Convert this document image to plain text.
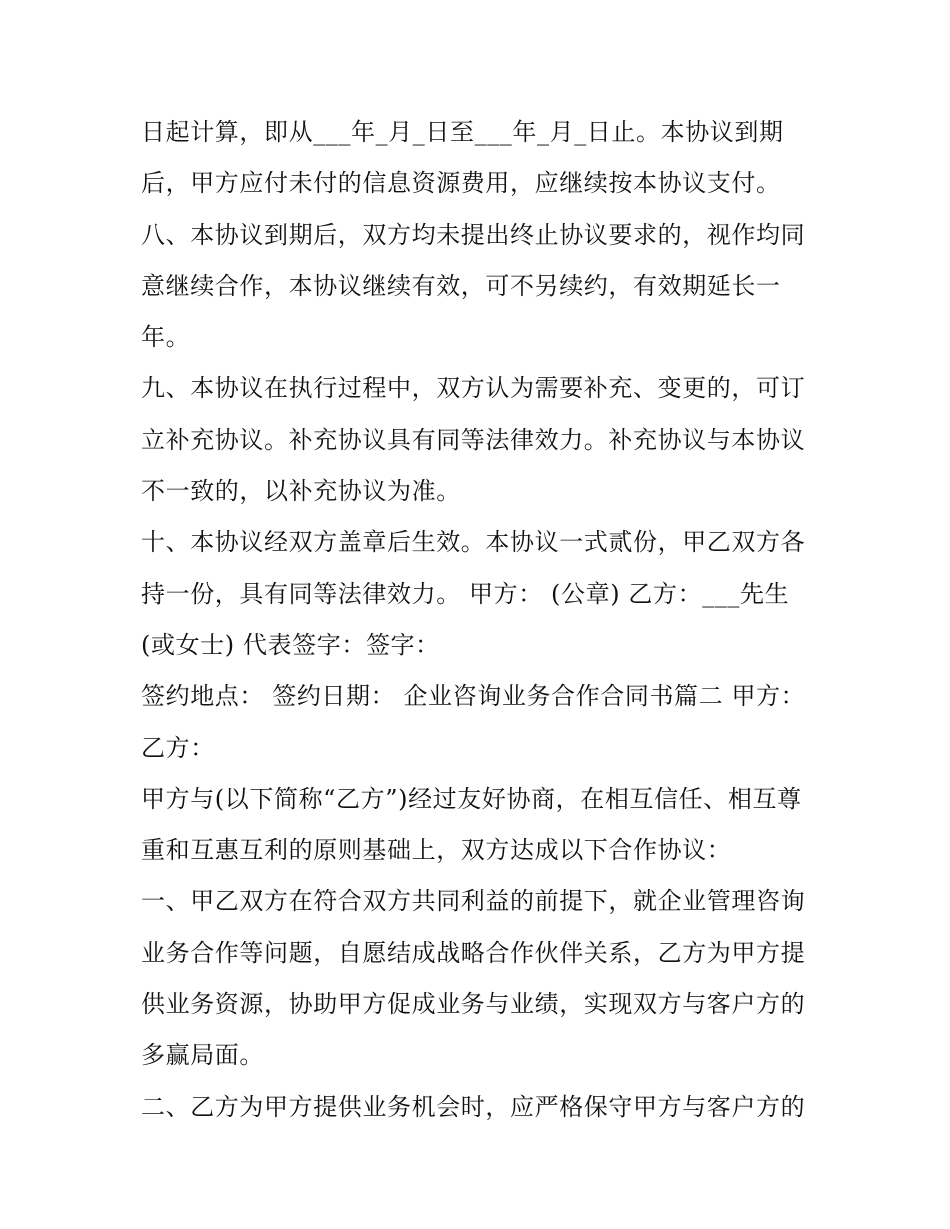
日起计算，即从___年_月_日至___年_月_日止。本协议到期
后，甲方应付未付的信息资源费用，应继续按本协议支付。
八、本协议到期后，双方均未提出终止协议要求的，视作均同
意继续合作，本协议继续有效，可不另续约，有效期延长一
年。
九、本协议在执行过程中，双方认为需要补充、变更的，可订
立补充协议。补充协议具有同等法律效力。补充协议与本协议
不一致的，以补充协议为准。
十、本协议经双方盖章后生效。本协议一式贰份，甲乙双方各
持一份，具有同等法律效力。 甲方： (公章) 乙方：___先生
(或女士) 代表签字：签字：
签约地点： 签约日期： 企业咨询业务合作合同书篇二 甲方：
乙方：
甲方与(以下简称“乙方”)经过友好协商，在相互信任、相互尊
重和互惠互利的原则基础上，双方达成以下合作协议：
一、甲乙双方在符合双方共同利益的前提下，就企业管理咨询
业务合作等问题，自愿结成战略合作伙伴关系，乙方为甲方提
供业务资源，协助甲方促成业务与业绩，实现双方与客户方的
多赢局面。
二、乙方为甲方提供业务机会时，应严格保守甲方与客户方的
